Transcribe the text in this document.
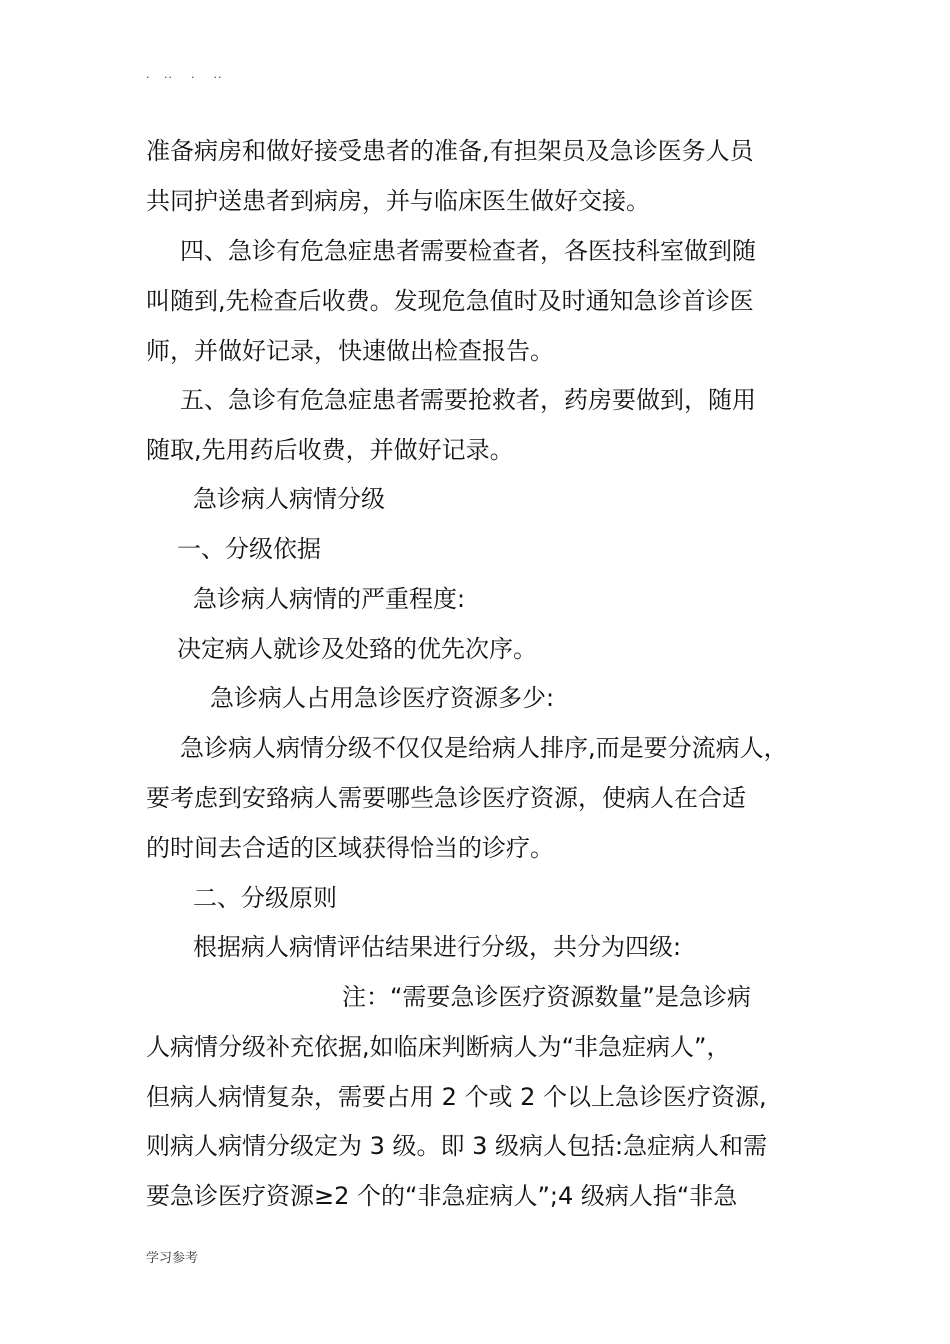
.   ..    .    ..
准备病房和做好接受患者的准备,有担架员及急诊医务人员
共同护送患者到病房，并与临床医生做好交接。
四、急诊有危急症患者需要检查者，各医技科室做到随
叫随到,先检查后收费。发现危急值时及时通知急诊首诊医
师，并做好记录，快速做出检查报告。
五、急诊有危急症患者需要抢救者，药房要做到，随用
随取,先用药后收费，并做好记录。
急诊病人病情分级
一、分级依据
急诊病人病情的严重程度:
决定病人就诊及处臵的优先次序。
急诊病人占用急诊医疗资源多少:
急诊病人病情分级不仅仅是给病人排序,而是要分流病人，
要考虑到安臵病人需要哪些急诊医疗资源，使病人在合适
的时间去合适的区域获得恰当的诊疗。
二、分级原则
根据病人病情评估结果进行分级，共分为四级:
注：“需要急诊医疗资源数量”是急诊病
人病情分级补充依据,如临床判断病人为“非急症病人”，
但病人病情复杂，需要占用 2 个或 2 个以上急诊医疗资源,
则病人病情分级定为 3 级。即 3 级病人包括:急症病人和需
要急诊医疗资源≥2 个的“非急症病人”;4 级病人指“非急
学习参考
